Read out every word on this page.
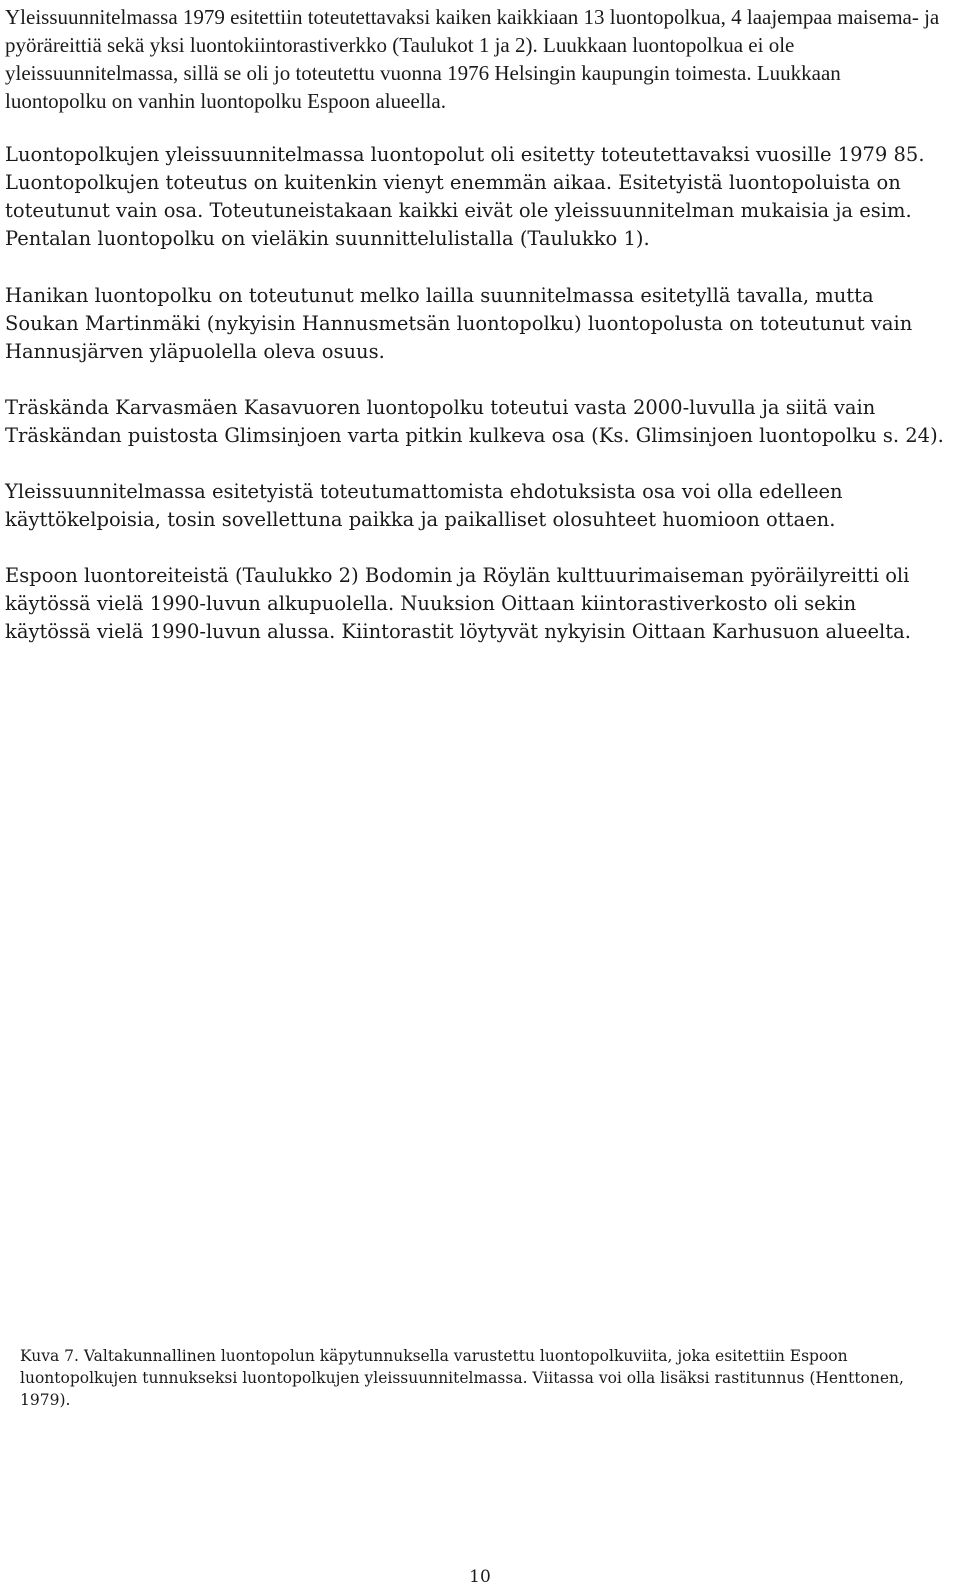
Yleissuunnitelmassa 1979 esitettiin toteutettavaksi kaiken kaikkiaan 13 luontopolkua, 4 laajempaa maisema- ja pyöräreittiä sekä yksi luontokiintorastiverkko (Taulukot 1 ja 2). Luukkaan luontopolkua ei ole yleissuunnitelmassa, sillä se oli jo toteutettu vuonna 1976 Helsingin kaupungin toimesta. Luukkaan luontopolku on vanhin luontopolku Espoon alueella.

Luontopolkujen yleissuunnitelmassa luontopolut oli esitetty toteutettavaksi vuosille 1979 85. Luontopolkujen toteutus on kuitenkin vienyt enemmän aikaa. Esitetyistä luontopoluista on toteutunut vain osa. Toteutuneistakaan kaikki eivät ole yleissuunnitelman mukaisia ja esim. Pentalan luontopolku on vieläkin suunnittelulistalla (Taulukko 1).

Hanikan luontopolku on toteutunut melko lailla suunnitelmassa esitetyllä tavalla, mutta Soukan Martinmäki (nykyisin Hannusmetsän luontopolku) luontopolusta on toteutunut vain Hannusjärven yläpuolella oleva osuus.

Träskända Karvasmäen Kasavuoren luontopolku toteutui vasta 2000-luvulla ja siitä vain Träskändan puistosta Glimsinjoen varta pitkin kulkeva osa (Ks. Glimsinjoen luontopolku s. 24).

Yleissuunnitelmassa esitetyistä toteutumattomista ehdotuksista osa voi olla edelleen käyttökelpoisia, tosin sovellettuna paikka ja paikalliset olosuhteet huomioon ottaen.

Espoon luontoreiteistä (Taulukko 2) Bodomin ja Röylän kulttuurimaiseman pyöräilyreitti oli käytössä vielä 1990-luvun alkupuolella. Nuuksion Oittaan kiintorastiverkosto oli sekin käytössä vielä 1990-luvun alussa. Kiintorastit löytyvät nykyisin Oittaan Karhusuon alueelta.

Kuva 7. Valtakunnallinen luontopolun käpytunnuksella varustettu luontopolkuviita, joka esitettiin Espoon luontopolkujen tunnukseksi luontopolkujen yleissuunnitelmassa. Viitassa voi olla lisäksi rastitunnus (Henttonen, 1979).

10
